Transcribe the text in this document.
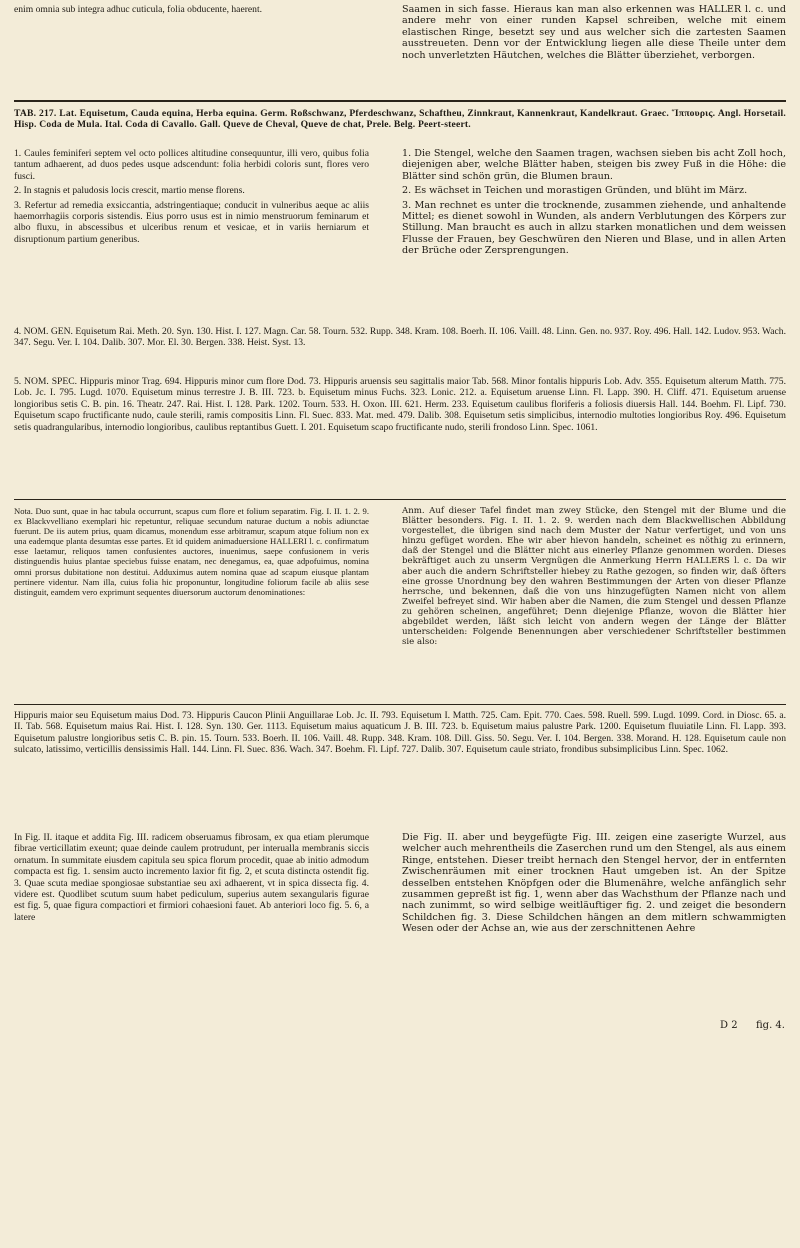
enim omnia sub integra adhuc cuticula, folia obducente, haerent.	Saamen in sich fasse. Hieraus kan man also erkennen was HALLER l. c. und andere mehr von einer runden Kapsel schreiben, welche mit einem elastischen Ringe, besetzt sey und aus welcher sich die zartesten Saamen ausstreueten. Denn vor der Entwicklung liegen alle diese Theile unter dem noch unverletzten Häutchen, welches die Blätter überziehet, verborgen.

TAB. 217. Lat. Equisetum, Cauda equina, Herba equina. Germ. Roßschwanz, Pferdeschwanz, Schaftheu, Zinnkraut, Kannenkraut, Kandelkraut. Graec. Ἵππουρις. Angl. Horsetail. Hisp. Coda de Mula. Ital. Coda di Cavallo. Gall. Queve de Cheval, Queve de chat, Prele. Belg. Peert-steert.

1. Caules feminiferi septem vel octo pollices altitudine consequuntur, illi vero, quibus folia tantum adhaerent, ad duos pedes usque adscendunt: folia herbidi coloris sunt, flores vero fusci.

2. In stagnis et paludosis locis crescit, martio mense florens.

3. Refertur ad remedia exsiccantia, adstringentiaque; conducit in vulneribus aeque ac aliis haemorrhagiis corporis sistendis. Eius porro usus est in nimio menstruorum feminarum et albo fluxu, in abscessibus et ulceribus renum et vesicae, et in variis herniarum et disruptionum partium generibus.

1. Die Stengel, welche den Saamen tragen, wachsen sieben bis acht Zoll hoch, diejenigen aber, welche Blätter haben, steigen bis zwey Fuß in die Höhe: die Blätter sind schön grün, die Blumen braun.

2. Es wächset in Teichen und morastigen Gründen, und blüht im März.

3. Man rechnet es unter die trocknende, zusammen ziehende, und anhaltende Mittel; es dienet sowohl in Wunden, als andern Verblutungen des Körpers zur Stillung. Man braucht es auch in allzu starken monatlichen und dem weissen Flusse der Frauen, bey Geschwüren den Nieren und Blase, und in allen Arten der Brüche oder Zersprengungen.

4. NOM. GEN. Equisetum Rai. Meth. 20. Syn. 130. Hist. I. 127. Magn. Car. 58. Tourn. 532. Rupp. 348. Kram. 108. Boerh. II. 106. Vaill. 48. Linn. Gen. no. 937. Roy. 496. Hall. 142. Ludov. 953. Wach. 347. Segu. Ver. I. 104. Dalib. 307. Mor. El. 30. Bergen. 338. Heist. Syst. 13.

5. NOM. SPEC. Hippuris minor Trag. 694. Hippuris minor cum flore Dod. 73. Hippuris aruensis seu sagittalis maior Tab. 568. Minor fontalis hippuris Lob. Adv. 355. Equisetum alterum Matth. 775. Lob. Jc. I. 795. Lugd. 1070. Equisetum minus terrestre J. B. III. 723. b. Equisetum minus Fuchs. 323. Lonic. 212. a. Equisetum aruense Linn. Fl. Lapp. 390. H. Cliff. 471. Equisetum aruense longioribus setis C. B. pin. 16. Theatr. 247. Rai. Hist. I. 128. Park. 1202. Tourn. 533. H. Oxon. III. 621. Herm. 233. Equisetum caulibus floriferis a foliosis diuersis Hall. 144. Boehm. Fl. Lipf. 730. Equisetum scapo fructificante nudo, caule sterili, ramis compositis Linn. Fl. Suec. 833. Mat. med. 479. Dalib. 308. Equisetum setis simplicibus, internodio multoties longioribus Roy. 496. Equisetum setis quadrangularibus, internodio longioribus, caulibus reptantibus Guett. I. 201. Equisetum scapo fructificante nudo, sterili frondoso Linn. Spec. 1061.

Nota. Duo sunt, quae in hac tabula occurrunt, scapus cum flore et folium separatim. Fig. I. II. 1. 2. 9. ex Blackvvelliano exemplari hic repetuntur, reliquae secundum naturae ductum a nobis adiunctae fuerunt. De iis autem prius, quam dicamus, monendum esse arbitramur, scapum atque folium non ex una eademque planta desumtas esse partes. Et id quidem animaduersione HALLERI l. c. confirmatum esse laetamur, reliquos tamen confusientes auctores, inuenimus, saepe confusionem in veris distinguendis huius plantae speciebus fuisse enatam, nec denegamus, ea, quae adpofuimus, nomina omni prorsus dubitatione non destitui. Adduximus autem nomina quae ad scapum eiusque plantam pertinere videntur. Nam illa, cuius folia hic proponuntur, longitudine foliorum facile ab aliis sese distinguit, eamdem vero exprimunt sequentes diuersorum auctorum denominationes:

Anm. Auf dieser Tafel findet man zwey Stücke, den Stengel mit der Blume und die Blätter besonders. Fig. I. II. 1. 2. 9. werden nach dem Blackwellischen Abbildung vorgestellet, die übrigen sind nach dem Muster der Natur verfertiget, und von uns hinzu gefüget worden. Ehe wir aber hievon handeln, scheinet es nöthig zu erinnern, daß der Stengel und die Blätter nicht aus einerley Pflanze genommen worden. Dieses bekräftiget auch zu unserm Vergnügen die Anmerkung Herrn HALLERS l. c. Da wir aber auch die andern Schriftsteller hiebey zu Rathe gezogen, so finden wir, daß öfters eine grosse Unordnung bey den wahren Bestimmungen der Arten von dieser Pflanze herrsche, und bekennen, daß die von uns hinzugefügten Namen nicht von allem Zweifel befreyet sind. Wir haben aber die Namen, die zum Stengel und dessen Pflanze zu gehören scheinen, angeführet; Denn diejenige Pflanze, wovon die Blätter hier abgebildet werden, läßt sich leicht von andern wegen der Länge der Blätter unterscheiden: Folgende Benennungen aber verschiedener Schriftsteller bestimmen sie also:

Hippuris maior seu Equisetum maius Dod. 73. Hippuris Caucon Plinii Anguillarae Lob. Jc. II. 793. Equisetum I. Matth. 725. Cam. Epit. 770. Caes. 598. Ruell. 599. Lugd. 1099. Cord. in Diosc. 65. a. II. Tab. 568. Equisetum maius Rai. Hist. I. 128. Syn. 130. Ger. 1113. Equisetum maius aquaticum J. B. III. 723. b. Equisetum maius palustre Park. 1200. Equisetum fluuiatile Linn. Fl. Lapp. 393. Equisetum palustre longioribus setis C. B. pin. 15. Tourn. 533. Boerh. II. 106. Vaill. 48. Rupp. 348. Kram. 108. Dill. Giss. 50. Segu. Ver. I. 104. Bergen. 338. Morand. H. 128. Equisetum caule non sulcato, latissimo, verticillis densissimis Hall. 144. Linn. Fl. Suec. 836. Wach. 347. Boehm. Fl. Lipf. 727. Dalib. 307. Equisetum caule striato, frondibus subsimplicibus Linn. Spec. 1062.

In Fig. II. itaque et addita Fig. III. radicem obseruamus fibrosam, ex qua etiam plerumque fibrae verticillatim exeunt; quae deinde caulem protrudunt, per interualla membranis siccis ornatum. In summitate eiusdem capitula seu spica florum procedit, quae ab initio admodum compacta est fig. 1. sensim aucto incremento laxior fit fig. 2, et scuta distincta ostendit fig. 3. Quae scuta mediae spongiosae substantiae seu axi adhaerent, vt in spica dissecta fig. 4. videre est. Quodlibet scutum suum habet pediculum, superius autem sexangularis figurae est fig. 5, quae figura compactiori et firmiori cohaesioni fauet. Ab anteriori loco fig. 5. 6, a latere

Die Fig. II. aber und beygefügte Fig. III. zeigen eine zaserigte Wurzel, aus welcher auch mehrentheils die Zaserchen rund um den Stengel, als aus einem Ringe, entstehen. Dieser treibt hernach den Stengel hervor, der in entfernten Zwischenräumen mit einer trocknen Haut umgeben ist. An der Spitze desselben entstehen Knöpfgen oder die Blumenähre, welche anfänglich sehr zusammen gepreßt ist fig. 1, wenn aber das Wachsthum der Pflanze nach und nach zunimmt, so wird selbige weitläuftiger fig. 2. und zeiget die besondern Schildchen fig. 3. Diese Schildchen hängen an dem mitlern schwammigten Wesen oder der Achse an, wie aus der zerschnittenen Aehre

D 2 fig. 4.
